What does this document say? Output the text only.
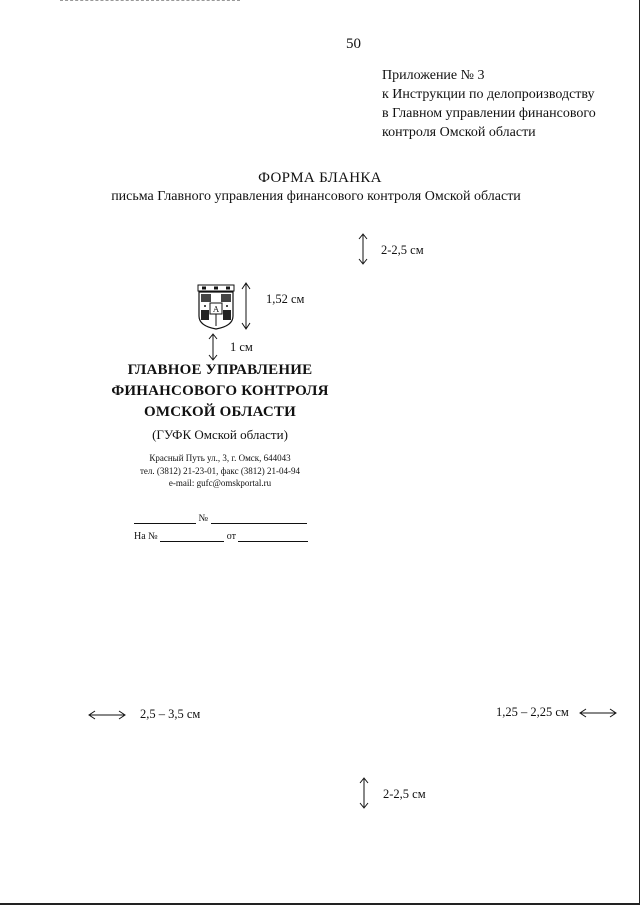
50
Приложение № 3
к Инструкции по делопроизводству
в Главном управлении финансового
контроля Омской области
ФОРМА БЛАНКА
письма Главного управления финансового контроля Омской области
2-2,5 см
A
1,52 см
1 см
ГЛАВНОЕ УПРАВЛЕНИЕ
ФИНАНСОВОГО КОНТРОЛЯ
ОМСКОЙ ОБЛАСТИ
(ГУФК Омской области)
Красный Путь ул., 3, г. Омск, 644043
тел. (3812) 21-23-01, факс (3812) 21-04-94
e-mail: gufc@omskportal.ru
№
На №	от
2,5 – 3,5 см	1,25 – 2,25 см
2-2,5 см
